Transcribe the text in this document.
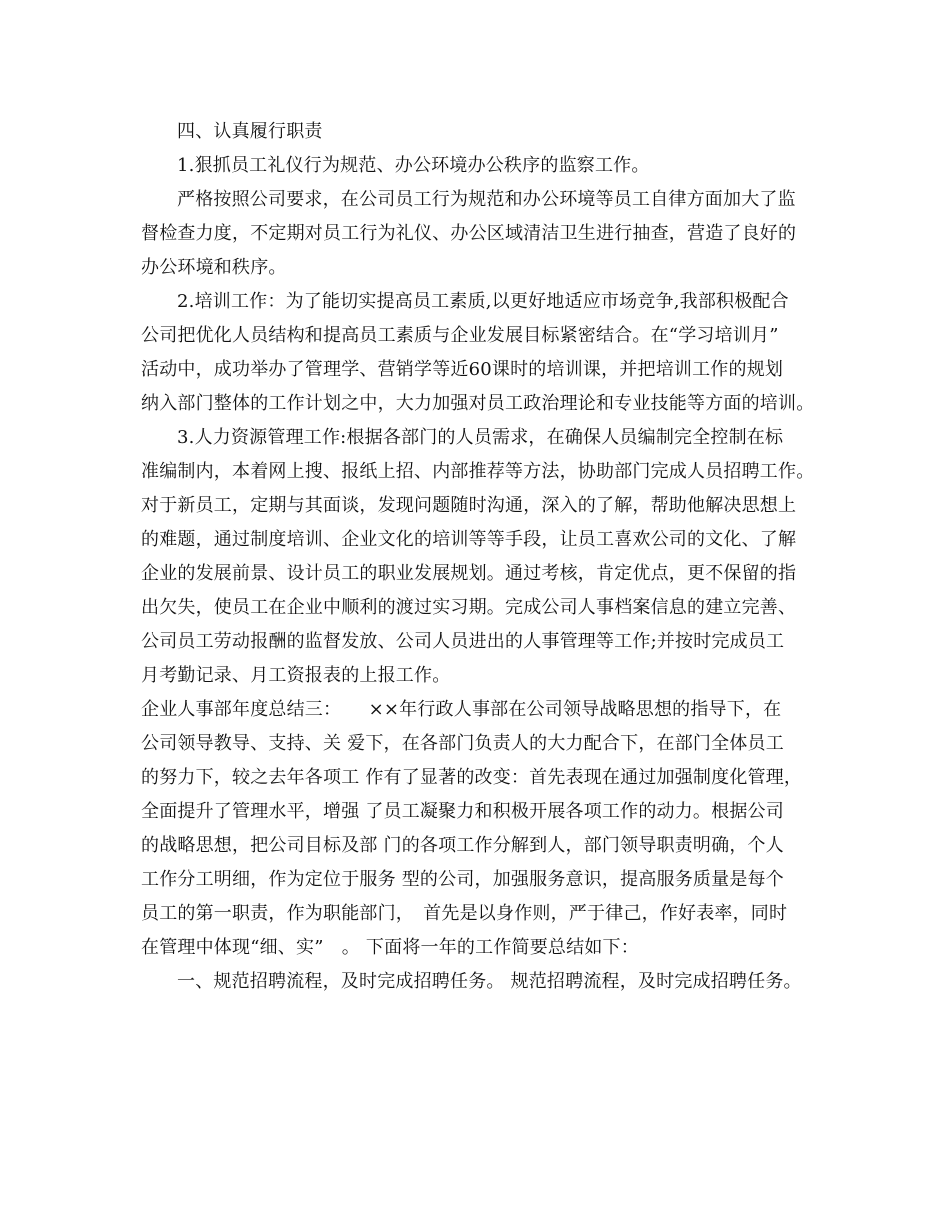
四、认真履行职责
1.狠抓员工礼仪行为规范、办公环境办公秩序的监察工作。
严格按照公司要求，在公司员工行为规范和办公环境等员工自律方面加大了监
督检查力度，不定期对员工行为礼仪、办公区域清洁卫生进行抽查，营造了良好的
办公环境和秩序。
2.培训工作：为了能切实提高员工素质,以更好地适应市场竞争,我部积极配合
公司把优化人员结构和提高员工素质与企业发展目标紧密结合。在“学习培训月”
活动中，成功举办了管理学、营销学等近60课时的培训课，并把培训工作的规划
纳入部门整体的工作计划之中，大力加强对员工政治理论和专业技能等方面的培训。
3.人力资源管理工作:根据各部门的人员需求，在确保人员编制完全控制在标
准编制内，本着网上搜、报纸上招、内部推荐等方法，协助部门完成人员招聘工作。
对于新员工，定期与其面谈，发现问题随时沟通，深入的了解，帮助他解决思想上
的难题，通过制度培训、企业文化的培训等等手段，让员工喜欢公司的文化、了解
企业的发展前景、设计员工的职业发展规划。通过考核，肯定优点，更不保留的指
出欠失，使员工在企业中顺利的渡过实习期。完成公司人事档案信息的建立完善、
公司员工劳动报酬的监督发放、公司人员进出的人事管理等工作;并按时完成员工
月考勤记录、月工资报表的上报工作。
企业人事部年度总结三：　　××年行政人事部在公司领导战略思想的指导下，在
公司领导教导、支持、关 爱下，在各部门负责人的大力配合下，在部门全体员工
的努力下，较之去年各项工 作有了显著的改变：首先表现在通过加强制度化管理，
全面提升了管理水平，增强 了员工凝聚力和积极开展各项工作的动力。根据公司
的战略思想，把公司目标及部 门的各项工作分解到人，部门领导职责明确，个人
工作分工明细，作为定位于服务 型的公司，加强服务意识，提高服务质量是每个
员工的第一职责，作为职能部门，　首先是以身作则，严于律己，作好表率，同时
在管理中体现“细、实”　。 下面将一年的工作简要总结如下：
一、规范招聘流程，及时完成招聘任务。 规范招聘流程，及时完成招聘任务。
